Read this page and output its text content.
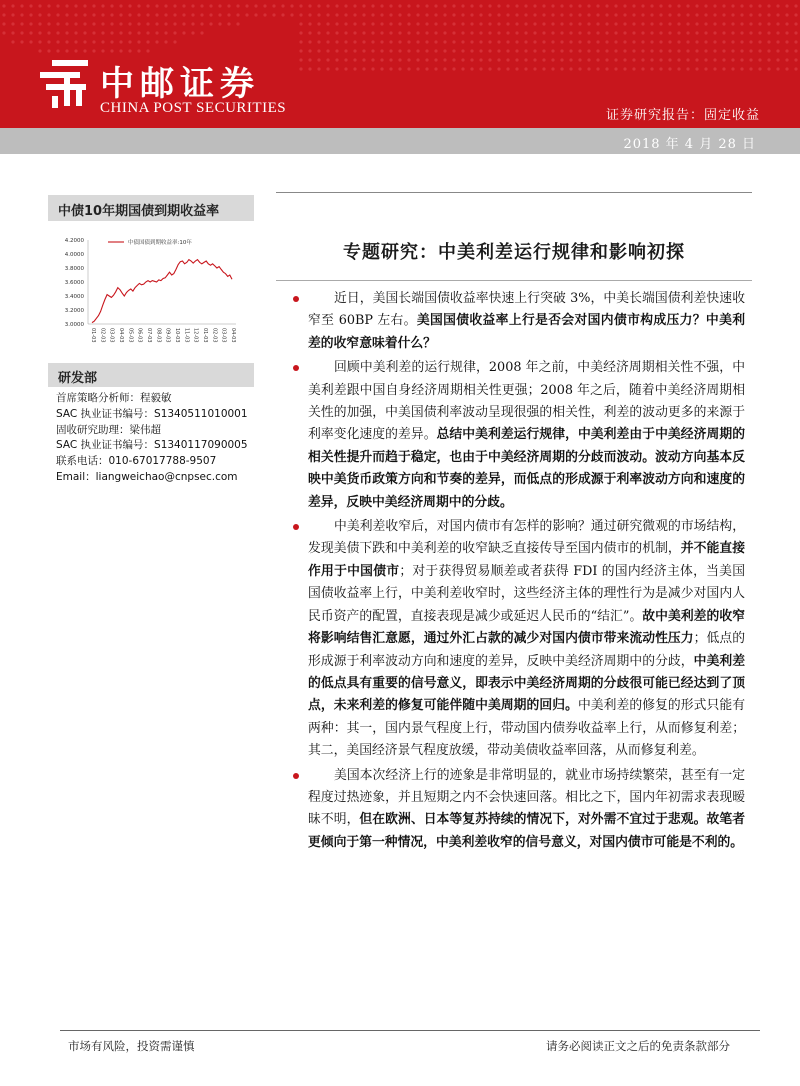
中邮证券
CHINA POST SECURITIES	证券研究报告：固定收益
2018 年 4 月 28 日
中债10年期国债到期收益率
4.2000
4.0000
3.8000
3.6000
3.4000
3.2000
3.0000
01-03 02-03 03-03 04-03 05-03 06-03 07-03 08-03 09-03 10-03 11-03 12-03 01-03 02-03 03-03 04-03
中债国债到期收益率:10年
研发部
首席策略分析师：程毅敏
SAC 执业证书编号：S1340511010001
固收研究助理：梁伟超
SAC 执业证书编号：S1340117090005
联系电话：010-67017788-9507
Email：liangweichao@cnpsec.com
专题研究：中美利差运行规律和影响初探

近日，美国长端国债收益率快速上行突破 3%，中美长端国债利差快速收窄至 60BP 左右。美国国债收益率上行是否会对国内债市构成压力？中美利差的收窄意味着什么？

回顾中美利差的运行规律，2008 年之前，中美经济周期相关性不强，中美利差跟中国自身经济周期相关性更强；2008 年之后，随着中美经济周期相关性的加强，中美国债利率波动呈现很强的相关性，利差的波动更多的来源于利率变化速度的差异。总结中美利差运行规律，中美利差由于中美经济周期的相关性提升而趋于稳定，也由于中美经济周期的分歧而波动。波动方向基本反映中美货币政策方向和节奏的差异，而低点的形成源于利率波动方向和速度的差异，反映中美经济周期中的分歧。

中美利差收窄后，对国内债市有怎样的影响？通过研究微观的市场结构，发现美债下跌和中美利差的收窄缺乏直接传导至国内债市的机制，并不能直接作用于中国债市；对于获得贸易顺差或者获得 FDI 的国内经济主体，当美国国债收益率上行，中美利差收窄时，这些经济主体的理性行为是减少对国内人民币资产的配置，直接表现是减少或延迟人民币的“结汇”。故中美利差的收窄将影响结售汇意愿，通过外汇占款的减少对国内债市带来流动性压力；低点的形成源于利率波动方向和速度的差异，反映中美经济周期中的分歧，中美利差的低点具有重要的信号意义，即表示中美经济周期的分歧很可能已经达到了顶点，未来利差的修复可能伴随中美周期的回归。中美利差的修复的形式只能有两种：其一，国内景气程度上行，带动国内债券收益率上行，从而修复利差；其二，美国经济景气程度放缓，带动美债收益率回落，从而修复利差。

美国本次经济上行的迹象是非常明显的，就业市场持续繁荣，甚至有一定程度过热迹象，并且短期之内不会快速回落。相比之下，国内年初需求表现暧昧不明，但在欧洲、日本等复苏持续的情况下，对外需不宜过于悲观。故笔者更倾向于第一种情况，中美利差收窄的信号意义，对国内债市可能是不利的。

市场有风险，投资需谨慎	请务必阅读正文之后的免责条款部分
